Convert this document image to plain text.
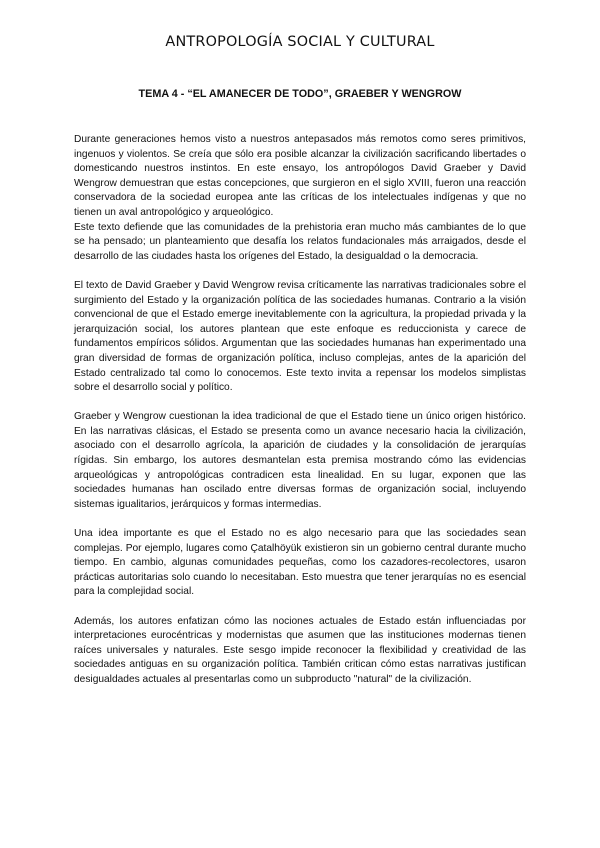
ANTROPOLOGÍA SOCIAL Y CULTURAL
TEMA 4 - “EL AMANECER DE TODO”, GRAEBER Y WENGROW

Durante generaciones hemos visto a nuestros antepasados más remotos como seres primitivos, ingenuos y violentos. Se creía que sólo era posible alcanzar la civilización sacrificando libertades o domesticando nuestros instintos. En este ensayo, los antropólogos David Graeber y David Wengrow demuestran que estas concepciones, que surgieron en el siglo XVIII, fueron una reacción conservadora de la sociedad europea ante las críticas de los intelectuales indígenas y que no tienen un aval antropológico y arqueológico.

Este texto defiende que las comunidades de la prehistoria eran mucho más cambiantes de lo que se ha pensado; un planteamiento que desafía los relatos fundacionales más arraigados, desde el desarrollo de las ciudades hasta los orígenes del Estado, la desigualdad o la democracia.

El texto de David Graeber y David Wengrow revisa críticamente las narrativas tradicionales sobre el surgimiento del Estado y la organización política de las sociedades humanas. Contrario a la visión convencional de que el Estado emerge inevitablemente con la agricultura, la propiedad privada y la jerarquización social, los autores plantean que este enfoque es reduccionista y carece de fundamentos empíricos sólidos. Argumentan que las sociedades humanas han experimentado una gran diversidad de formas de organización política, incluso complejas, antes de la aparición del Estado centralizado tal como lo conocemos. Este texto invita a repensar los modelos simplistas sobre el desarrollo social y político.

Graeber y Wengrow cuestionan la idea tradicional de que el Estado tiene un único origen histórico. En las narrativas clásicas, el Estado se presenta como un avance necesario hacia la civilización, asociado con el desarrollo agrícola, la aparición de ciudades y la consolidación de jerarquías rígidas. Sin embargo, los autores desmantelan esta premisa mostrando cómo las evidencias arqueológicas y antropológicas contradicen esta linealidad. En su lugar, exponen que las sociedades humanas han oscilado entre diversas formas de organización social, incluyendo sistemas igualitarios, jerárquicos y formas intermedias.

Una idea importante es que el Estado no es algo necesario para que las sociedades sean complejas. Por ejemplo, lugares como Çatalhöyük existieron sin un gobierno central durante mucho tiempo. En cambio, algunas comunidades pequeñas, como los cazadores-recolectores, usaron prácticas autoritarias solo cuando lo necesitaban. Esto muestra que tener jerarquías no es esencial para la complejidad social.

Además, los autores enfatizan cómo las nociones actuales de Estado están influenciadas por interpretaciones eurocéntricas y modernistas que asumen que las instituciones modernas tienen raíces universales y naturales. Este sesgo impide reconocer la flexibilidad y creatividad de las sociedades antiguas en su organización política. También critican cómo estas narrativas justifican desigualdades actuales al presentarlas como un subproducto "natural" de la civilización.
